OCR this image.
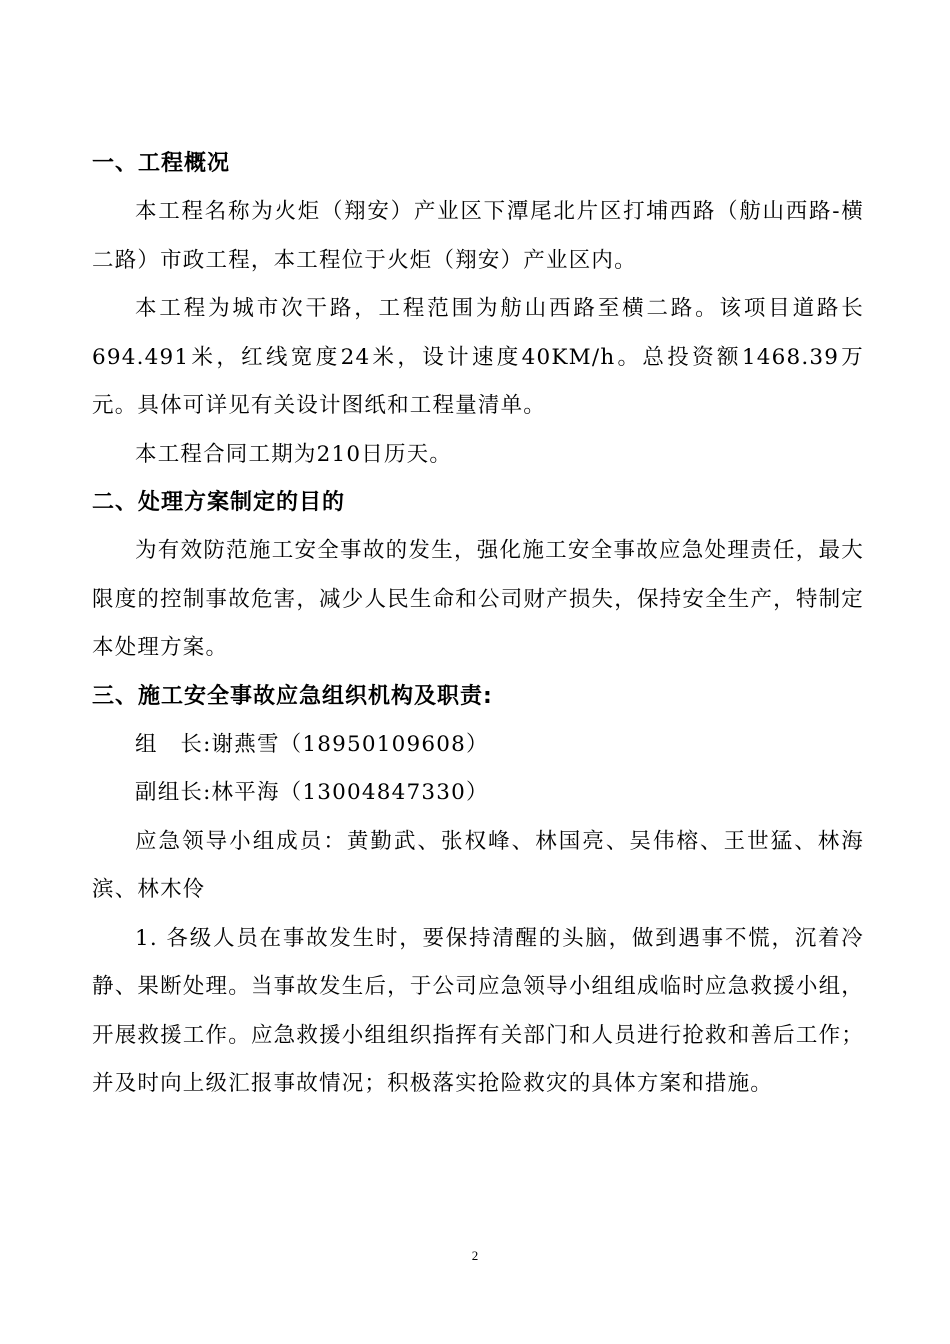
一、工程概况

本工程名称为火炬（翔安）产业区下潭尾北片区打埔西路（舫山西路-横二路）市政工程，本工程位于火炬（翔安）产业区内。

本工程为城市次干路，工程范围为舫山西路至横二路。该项目道路长694.491米，红线宽度24米，设计速度40KM/h。总投资额1468.39万元。具体可详见有关设计图纸和工程量清单。

本工程合同工期为210日历天。

二、处理方案制定的目的

为有效防范施工安全事故的发生，强化施工安全事故应急处理责任，最大限度的控制事故危害，减少人民生命和公司财产损失，保持安全生产，特制定本处理方案。

三、施工安全事故应急组织机构及职责:

组　长:谢燕雪（18950109608）

副组长:林平海（13004847330）

应急领导小组成员：黄勤武、张权峰、林国亮、吴伟榕、王世猛、林海滨、林木伶

1. 各级人员在事故发生时，要保持清醒的头脑，做到遇事不慌，沉着冷静、果断处理。当事故发生后，于公司应急领导小组组成临时应急救援小组，开展救援工作。应急救援小组组织指挥有关部门和人员进行抢救和善后工作；并及时向上级汇报事故情况；积极落实抢险救灾的具体方案和措施。

2
